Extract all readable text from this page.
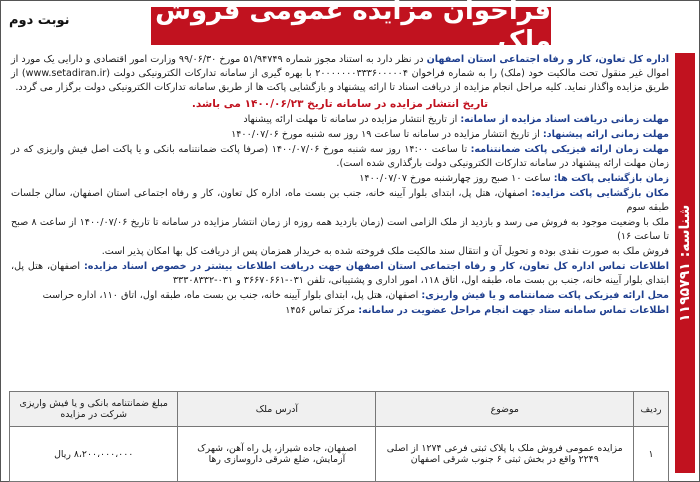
فراخوان مزایده عمومی فروش ملک
نوبت دوم
شناسه: ۱۱۹۵۷۹۱

اداره کل تعاون، کار و رفاه اجتماعی استان اصفهان در نظر دارد به استناد مجوز شماره ۵۱/۹۴۷۴۹ مورخ ۹۹/۰۶/۳۰ وزارت امور اقتصادی و دارایی یک مورد از اموال غیر منقول تحت مالکیت خود (ملک) را به شماره فراخوان ۲۰۰۰۰۰۰۰۳۳۳۶۰۰۰۰۰۴ با بهره گیری از سامانه تدارکات الکترونیکی دولت (www.setadiran.ir) از طریق مزایده واگذار نماید. کلیه مراحل انجام مزایده از دریافت اسناد تا ارائه پیشنهاد و بازگشایی پاکت ها از طریق سامانه تدارکات الکترونیکی دولت برگزار می گردد.

تاریخ انتشار مزایده در سامانه تاریخ ۱۴۰۰/۰۶/۲۳ می باشد.

مهلت زمانی دریافت اسناد مزایده از سامانه: از تاریخ انتشار مزایده در سامانه تا مهلت ارائه پیشنهاد

مهلت زمانی ارائه پیشنهاد: از تاریخ انتشار مزایده در سامانه تا ساعت ۱۹ روز سه شنبه مورخ ۱۴۰۰/۰۷/۰۶

مهلت زمان ارائه فیزیکی پاکت ضمانتنامه: تا ساعت ۱۴:۰۰ روز سه شنبه مورخ ۱۴۰۰/۰۷/۰۶ (صرفا پاکت ضمانتنامه بانکی و یا پاکت اصل فیش واریزی که در زمان مهلت ارائه پیشنهاد در سامانه تدارکات الکترونیکی دولت بارگذاری شده است).

زمان بازگشایی پاکت ها: ساعت ۱۰ صبح روز چهارشنبه مورخ ۱۴۰۰/۰۷/۰۷

مکان بازگشایی پاکت مزایده: اصفهان، هتل پل، ابتدای بلوار آیینه خانه، جنب بن بست ماه، اداره کل تعاون، کار و رفاه اجتماعی استان اصفهان، سالن جلسات طبقه سوم

ملک با وضعیت موجود به فروش می رسد و بازدید از ملک الزامی است (زمان بازدید همه روزه از زمان انتشار مزایده در سامانه تا تاریخ ۱۴۰۰/۰۷/۰۶ از ساعت ۸ صبح تا ساعت ۱۶)

فروش ملک به صورت نقدی بوده و تحویل آن و انتقال سند مالکیت ملک فروخته شده به خریدار همزمان پس از دریافت کل بها امکان پذیر است.

اطلاعات تماس اداره کل تعاون، کار و رفاه اجتماعی استان اصفهان جهت دریافت اطلاعات بیشتر در خصوص اسناد مزایده: اصفهان، هتل پل، ابتدای بلوار آیینه خانه، جنب بن بست ماه، طبقه اول، اتاق ۱۱۸، امور اداری و پشتیبانی، تلفن ۰۳۱-۳۶۶۷۰۶۶۱ و ۰۳۱-۳۳۳۰۸۳۳۲

محل ارائه فیزیکی پاکت ضمانتنامه و یا فیش واریزی: اصفهان، هتل پل، ابتدای بلوار آیینه خانه، جنب بن بست ماه، طبقه اول، اتاق ۱۱۰، اداره حراست

اطلاعات تماس سامانه ستاد جهت انجام مراحل عضویت در سامانه: مرکز تماس ۱۴۵۶

ردیف	موضوع	آدرس ملک	مبلغ ضمانتنامه بانکی و یا فیش واریزی شرکت در مزایده
۱	مزایده عمومی فروش ملک با پلاک ثبتی فرعی ۱۲۷۴ از اصلی ۲۲۴۹ واقع در بخش ثبتی ۶ جنوب شرقی اصفهان	اصفهان، جاده شیراز، پل راه آهن، شهرک آزمایش، ضلع شرقی داروسازی رها	۸،۲۰۰،۰۰۰،۰۰۰ ریال
